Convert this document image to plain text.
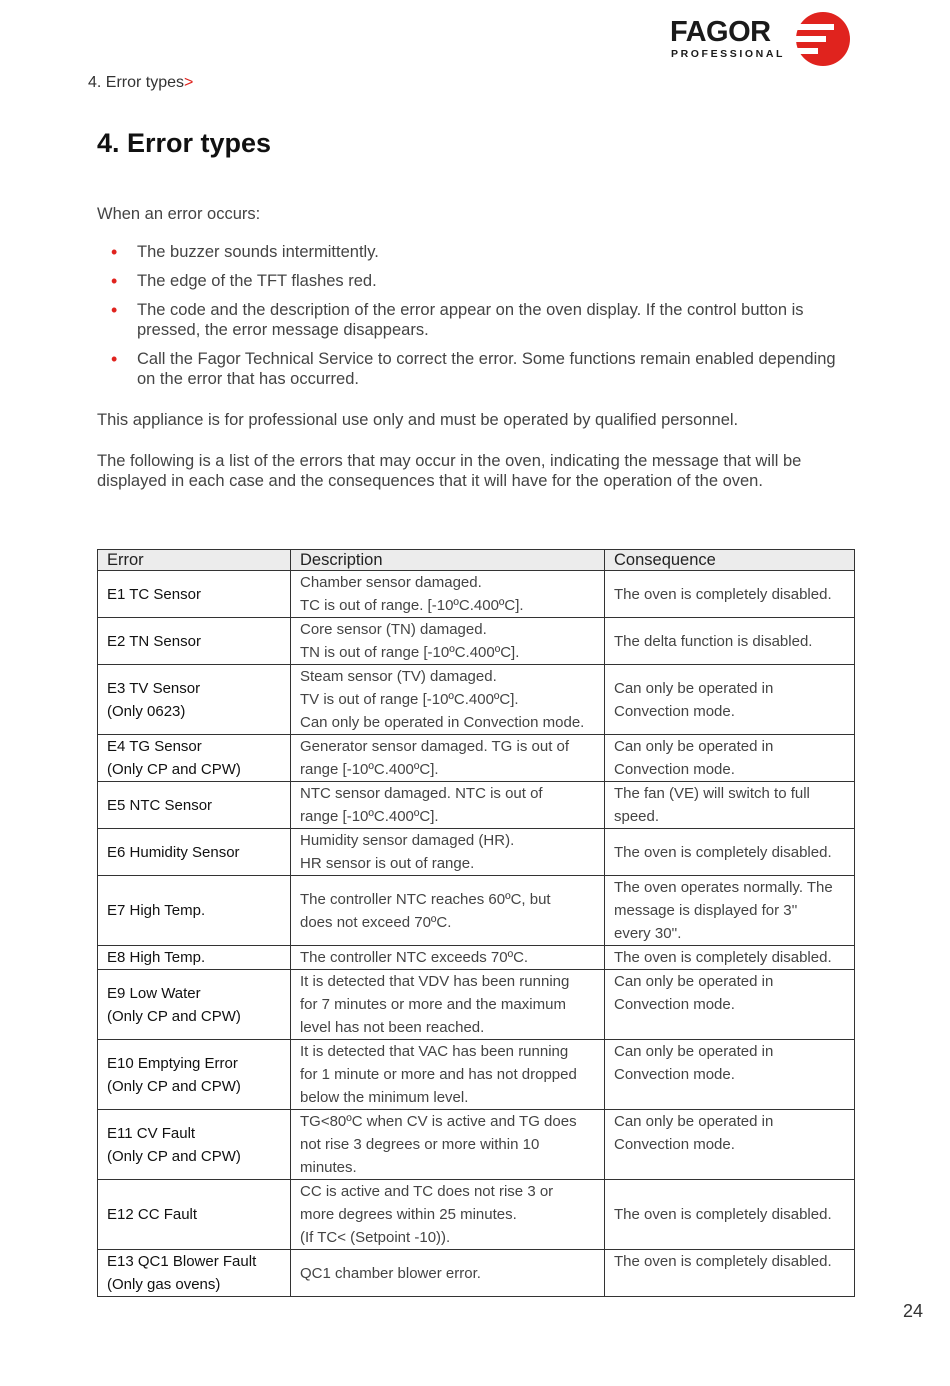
FAGOR
PROFESSIONAL
4. Error types>
4. Error types

When an error occurs:

• The buzzer sounds intermittently.
• The edge of the TFT flashes red.
• The code and the description of the error appear on the oven display. If the control button is pressed, the error message disappears.
• Call the Fagor Technical Service to correct the error. Some functions remain enabled depending on the error that has occurred.

This appliance is for professional use only and must be operated by qualified personnel.

The following is a list of the errors that may occur in the oven, indicating the message that will be displayed in each case and the consequences that it will have for the operation of the oven.

Error	Description	Consequence

E1 TC Sensor	Chamber sensor damaged.
TC is out of range. [-10ºC.400ºC].	The oven is completely disabled.

E2 TN Sensor	Core sensor (TN) damaged.
TN is out of range [-10ºC.400ºC].	The delta function is disabled.

E3 TV Sensor
(Only 0623)	Steam sensor (TV) damaged.
TV is out of range [-10ºC.400ºC].
Can only be operated in Convection mode.	Can only be operated in
Convection mode.

E4 TG Sensor
(Only CP and CPW)	Generator sensor damaged. TG is out of
range [-10ºC.400ºC].	Can only be operated in
Convection mode.

E5 NTC Sensor	NTC sensor damaged. NTC is out of
range [-10ºC.400ºC].	The fan (VE) will switch to full
speed.

E6 Humidity Sensor	Humidity sensor damaged (HR).
HR sensor is out of range.	The oven is completely disabled.

E7 High Temp.	The controller NTC reaches 60ºC, but
does not exceed 70ºC.	The oven operates normally. The
message is displayed for 3''
every 30''.

E8 High Temp.	The controller NTC exceeds 70ºC.	The oven is completely disabled.

E9 Low Water
(Only CP and CPW)	It is detected that VDV has been running
for 7 minutes or more and the maximum
level has not been reached.	Can only be operated in
Convection mode.

E10 Emptying Error
(Only CP and CPW)	It is detected that VAC has been running
for 1 minute or more and has not dropped
below the minimum level.	Can only be operated in
Convection mode.

E11 CV Fault
(Only CP and CPW)	TG<80ºC when CV is active and TG does
not rise 3 degrees or more within 10
minutes.	Can only be operated in
Convection mode.

E12 CC Fault	CC is active and TC does not rise 3 or
more degrees within 25 minutes.
(If TC< (Setpoint -10)).	The oven is completely disabled.

E13 QC1 Blower Fault
(Only gas ovens)	QC1 chamber blower error.	The oven is completely disabled.
24
